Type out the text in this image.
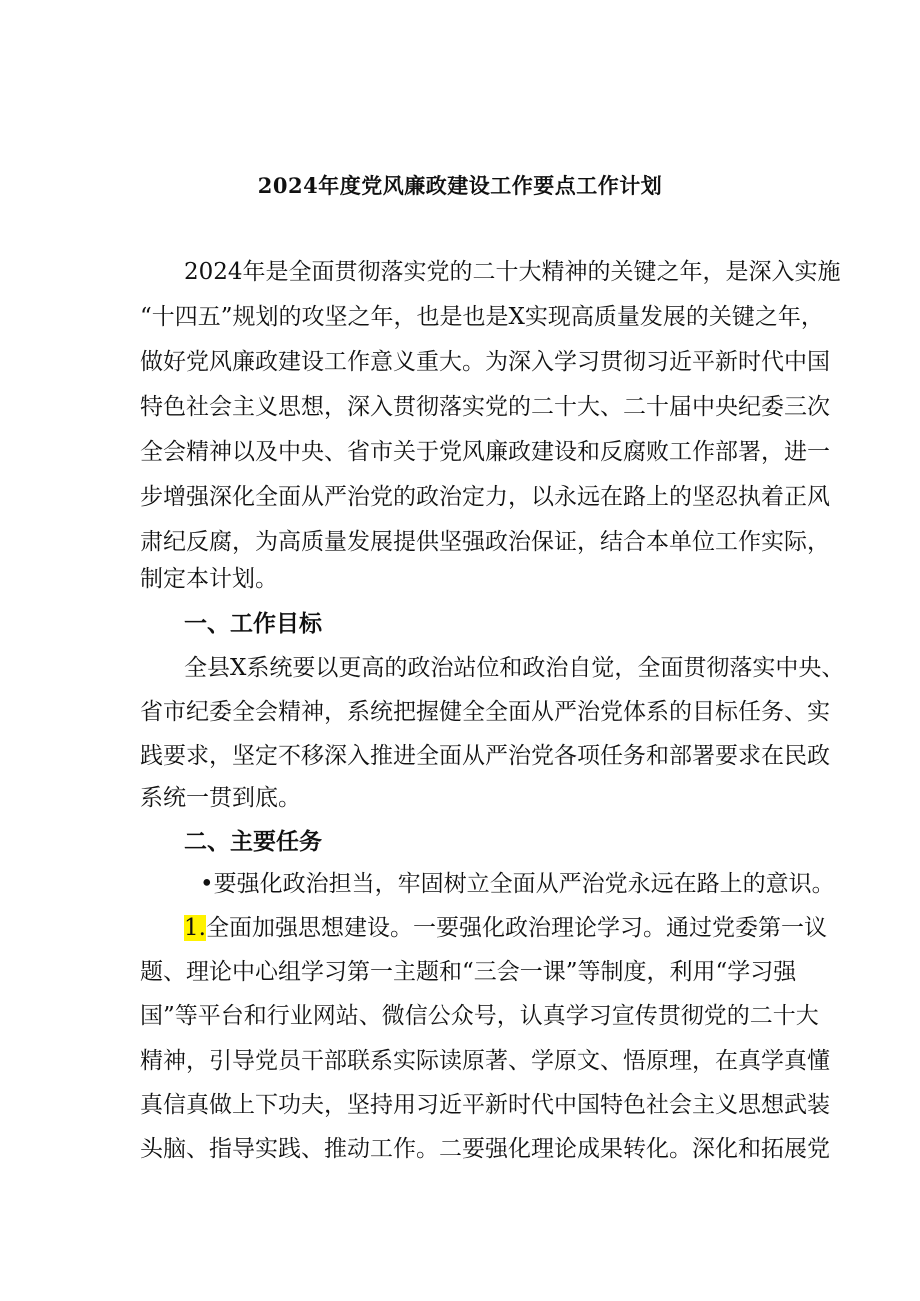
2024年度党风廉政建设工作要点工作计划
2024年是全面贯彻落实党的二十大精神的关键之年，是深入实施
“十四五”规划的攻坚之年，也是也是X实现高质量发展的关键之年，
做好党风廉政建设工作意义重大。为深入学习贯彻习近平新时代中国
特色社会主义思想，深入贯彻落实党的二十大、二十届中央纪委三次
全会精神以及中央、省市关于党风廉政建设和反腐败工作部署，进一
步增强深化全面从严治党的政治定力，以永远在路上的坚忍执着正风
肃纪反腐，为高质量发展提供坚强政治保证，结合本单位工作实际，
制定本计划。
一、工作目标
全县X系统要以更高的政治站位和政治自觉，全面贯彻落实中央、
省市纪委全会精神，系统把握健全全面从严治党体系的目标任务、实
践要求，坚定不移深入推进全面从严治党各项任务和部署要求在民政
系统一贯到底。
二、主要任务
•要强化政治担当，牢固树立全面从严治党永远在路上的意识。
1.全面加强思想建设。一要强化政治理论学习。通过党委第一议
题、理论中心组学习第一主题和“三会一课”等制度，利用“学习强
国”等平台和行业网站、微信公众号，认真学习宣传贯彻党的二十大
精神，引导党员干部联系实际读原著、学原文、悟原理，在真学真懂
真信真做上下功夫，坚持用习近平新时代中国特色社会主义思想武装
头脑、指导实践、推动工作。二要强化理论成果转化。深化和拓展党
